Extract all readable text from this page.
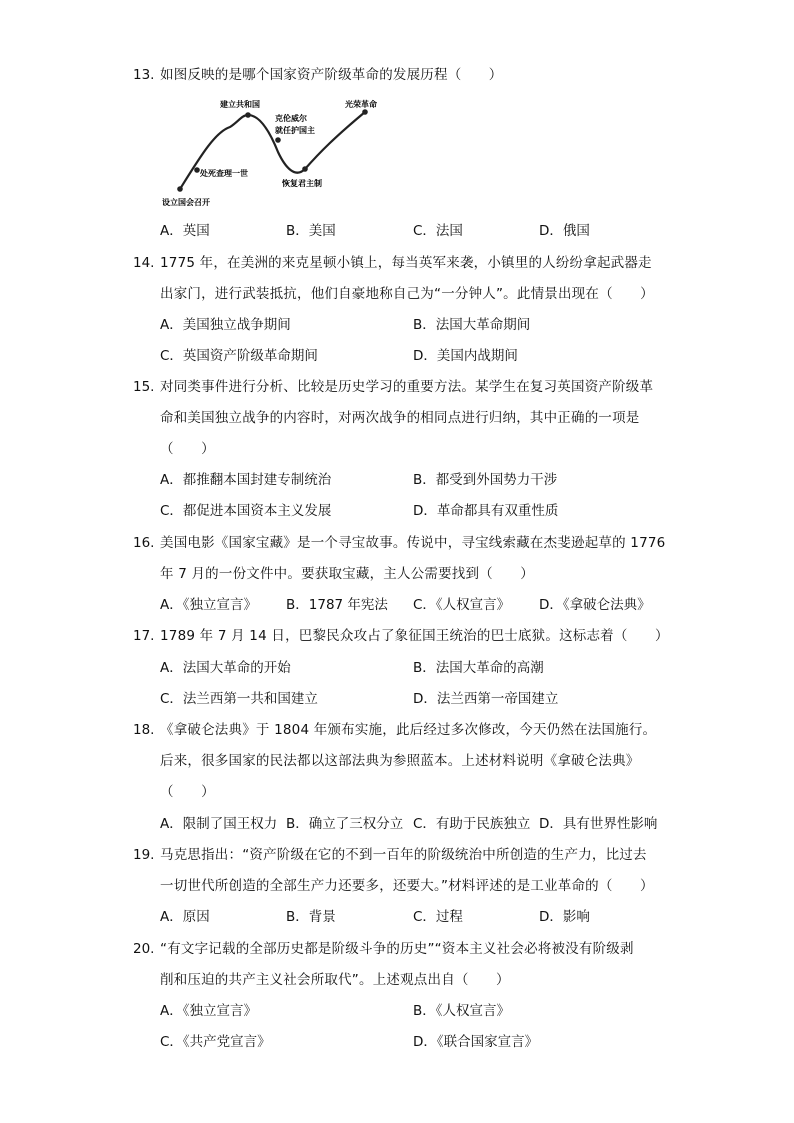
13. 如图反映的是哪个国家资产阶级革命的发展历程（　　）
设立国会召开
处死查理一世
建立共和国
克伦威尔
就任护国主
恢复君主制
光荣革命
A．英国	B．美国	C．法国	D．俄国
14. 1775 年，在美洲的来克星顿小镇上，每当英军来袭，小镇里的人纷纷拿起武器走
出家门，进行武装抵抗，他们自豪地称自己为“一分钟人”。此情景出现在（　　）
A．美国独立战争期间	B．法国大革命期间
C．英国资产阶级革命期间	D．美国内战期间
15. 对同类事件进行分析、比较是历史学习的重要方法。某学生在复习英国资产阶级革
命和美国独立战争的内容时，对两次战争的相同点进行归纳，其中正确的一项是
（　　）
A．都推翻本国封建专制统治	B．都受到外国势力干涉
C．都促进本国资本主义发展	D．革命都具有双重性质
16. 美国电影《国家宝藏》是一个寻宝故事。传说中，寻宝线索藏在杰斐逊起草的 1776
年 7 月的一份文件中。要获取宝藏，主人公需要找到（　　）
A．《独立宣言》 B．1787 年宪法 C．《人权宣言》 D．《拿破仑法典》
17. 1789 年 7 月 14 日，巴黎民众攻占了象征国王统治的巴士底狱。这标志着（　　）
A．法国大革命的开始	B．法国大革命的高潮
C．法兰西第一共和国建立	D．法兰西第一帝国建立
18. 《拿破仑法典》于 1804 年颁布实施，此后经过多次修改，今天仍然在法国施行。
后来，很多国家的民法都以这部法典为参照蓝本。上述材料说明《拿破仑法典》
（　　）
A．限制了国王权力 B．确立了三权分立 C．有助于民族独立 D．具有世界性影响
19. 马克思指出：“资产阶级在它的不到一百年的阶级统治中所创造的生产力，比过去
一切世代所创造的全部生产力还要多，还要大。”材料评述的是工业革命的（　　）
A．原因	B．背景	C．过程	D．影响
20. “有文字记载的全部历史都是阶级斗争的历史”“资本主义社会必将被没有阶级剥
削和压迫的共产主义社会所取代”。上述观点出自（　　）
A．《独立宣言》	B．《人权宣言》
C．《共产党宣言》	D．《联合国家宣言》
